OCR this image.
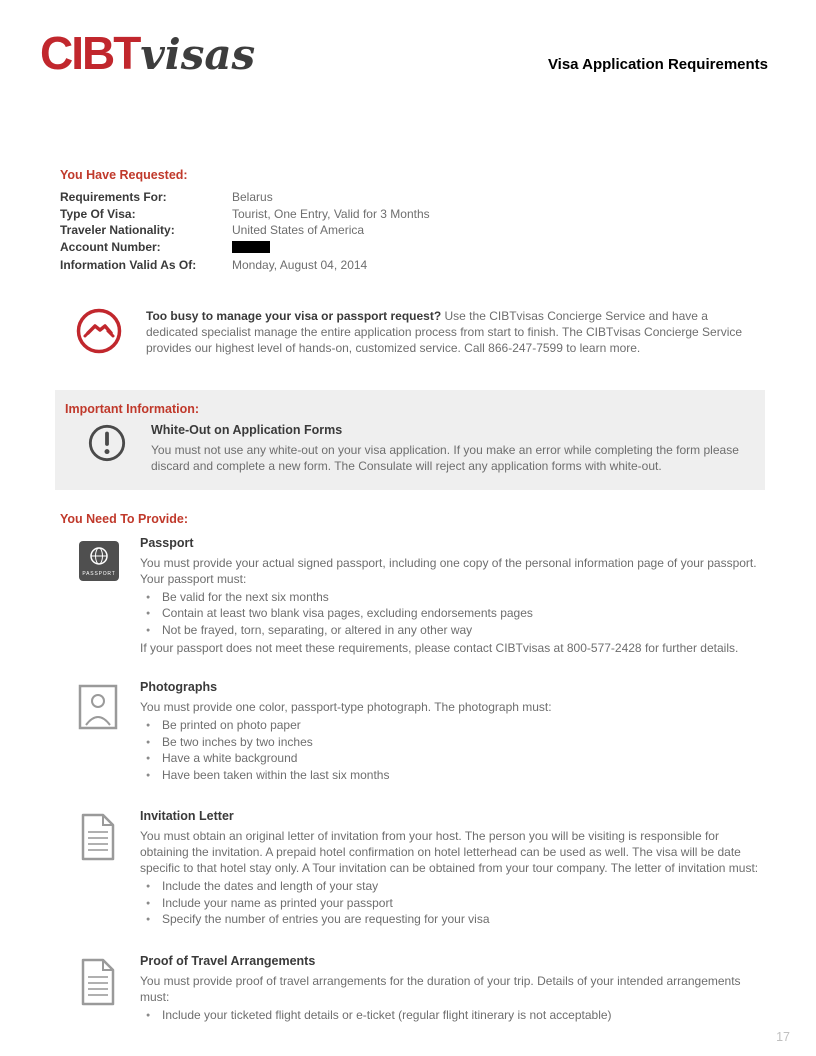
CIBTvisas	Visa Application Requirements
You Have Requested:
Requirements For:	Belarus
Type Of Visa:	Tourist, One Entry, Valid for 3 Months
Traveler Nationality:	United States of America
Account Number:
Information Valid As Of:	Monday, August 04, 2014
Too busy to manage your visa or passport request? Use the CIBTvisas Concierge Service and have a dedicated specialist manage the entire application process from start to finish. The CIBTvisas Concierge Service provides our highest level of hands-on, customized service. Call 866-247-7599 to learn more.
Important Information:
White-Out on Application Forms
You must not use any white-out on your visa application. If you make an error while completing the form please discard and complete a new form. The Consulate will reject any application forms with white-out.
You Need To Provide:
PASSPORT
Passport
You must provide your actual signed passport, including one copy of the personal information page of your passport. Your passport must:
● Be valid for the next six months
● Contain at least two blank visa pages, excluding endorsements pages
● Not be frayed, torn, separating, or altered in any other way
If your passport does not meet these requirements, please contact CIBTvisas at 800-577-2428 for further details.
Photographs
You must provide one color, passport-type photograph. The photograph must:
● Be printed on photo paper
● Be two inches by two inches
● Have a white background
● Have been taken within the last six months
Invitation Letter
You must obtain an original letter of invitation from your host. The person you will be visiting is responsible for obtaining the invitation. A prepaid hotel confirmation on hotel letterhead can be used as well. The visa will be date specific to that hotel stay only. A Tour invitation can be obtained from your tour company. The letter of invitation must:
● Include the dates and length of your stay
● Include your name as printed your passport
● Specify the number of entries you are requesting for your visa
Proof of Travel Arrangements
You must provide proof of travel arrangements for the duration of your trip. Details of your intended arrangements must:
● Include your ticketed flight details or e-ticket (regular flight itinerary is not acceptable)
17
